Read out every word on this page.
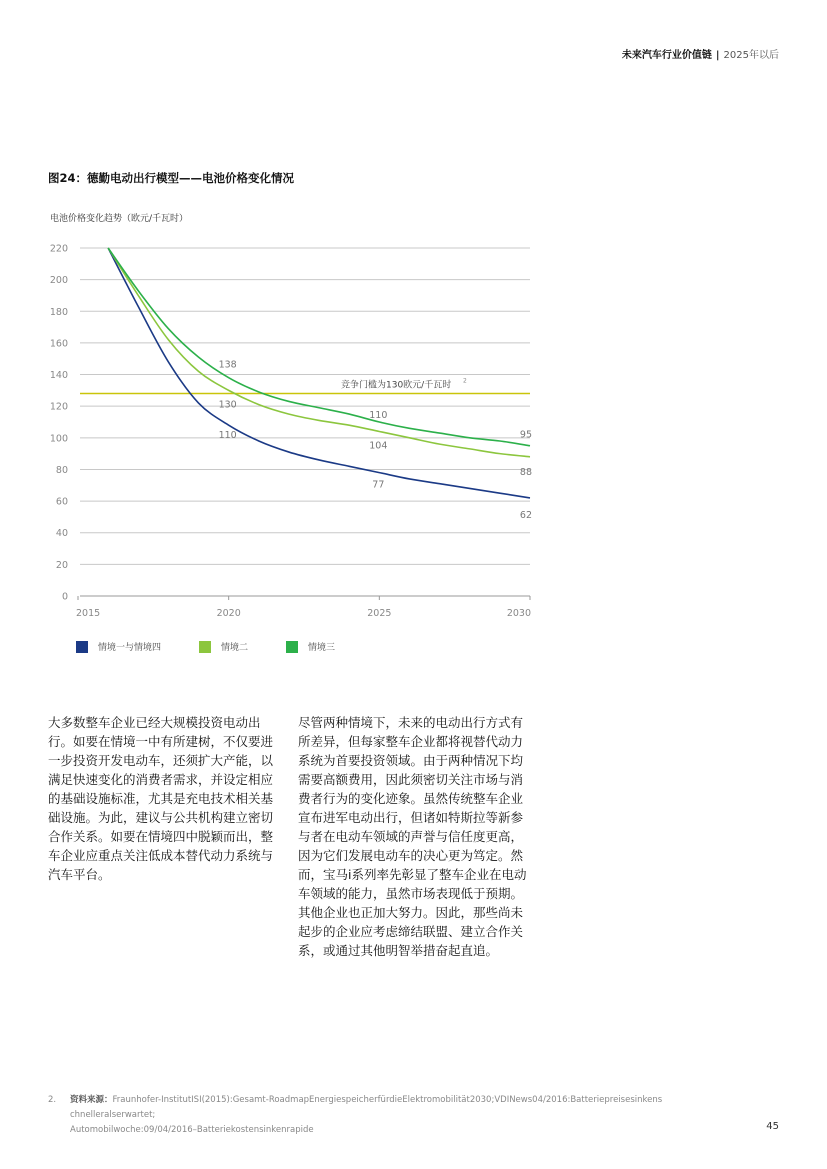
未来汽车行业价值链 | 2025年以后
图24：德勤电动出行模型——电池价格变化情况
电池价格变化趋势（欧元/千瓦时）
0
20
40
60
80
100
120
140
160
180
200
220
2015	2020	2025	2030
竞争门槛为130欧元/千瓦时 2
138
130
110
110
104
77
95
88
62
情境一与情境四	情境二	情境三
大多数整车企业已经大规模投资电动出行。如要在情境一中有所建树，不仅要进一步投资开发电动车，还须扩大产能，以满足快速变化的消费者需求，并设定相应的基础设施标准，尤其是充电技术相关基础设施。为此，建议与公共机构建立密切合作关系。如要在情境四中脱颖而出，整车企业应重点关注低成本替代动力系统与汽车平台。
尽管两种情境下，未来的电动出行方式有所差异，但每家整车企业都将视替代动力系统为首要投资领域。由于两种情况下均需要高额费用，因此须密切关注市场与消费者行为的变化迹象。虽然传统整车企业宣布进军电动出行，但诸如特斯拉等新参与者在电动车领域的声誉与信任度更高，因为它们发展电动车的决心更为笃定。然而，宝马i系列率先彰显了整车企业在电动车领域的能力，虽然市场表现低于预期。其他企业也正加大努力。因此，那些尚未起步的企业应考虑缔结联盟、建立合作关系，或通过其他明智举措奋起直追。
2. 资料来源：Fraunhofer-InstitutISI(2015):Gesamt-RoadmapEnergiespeicherfürdieElektromobilität2030;VDINews04/2016:Batteriepreisesinkens
chnelleralserwartet;
Automobilwoche:09/04/2016–Batteriekostensinkenrapide	45
